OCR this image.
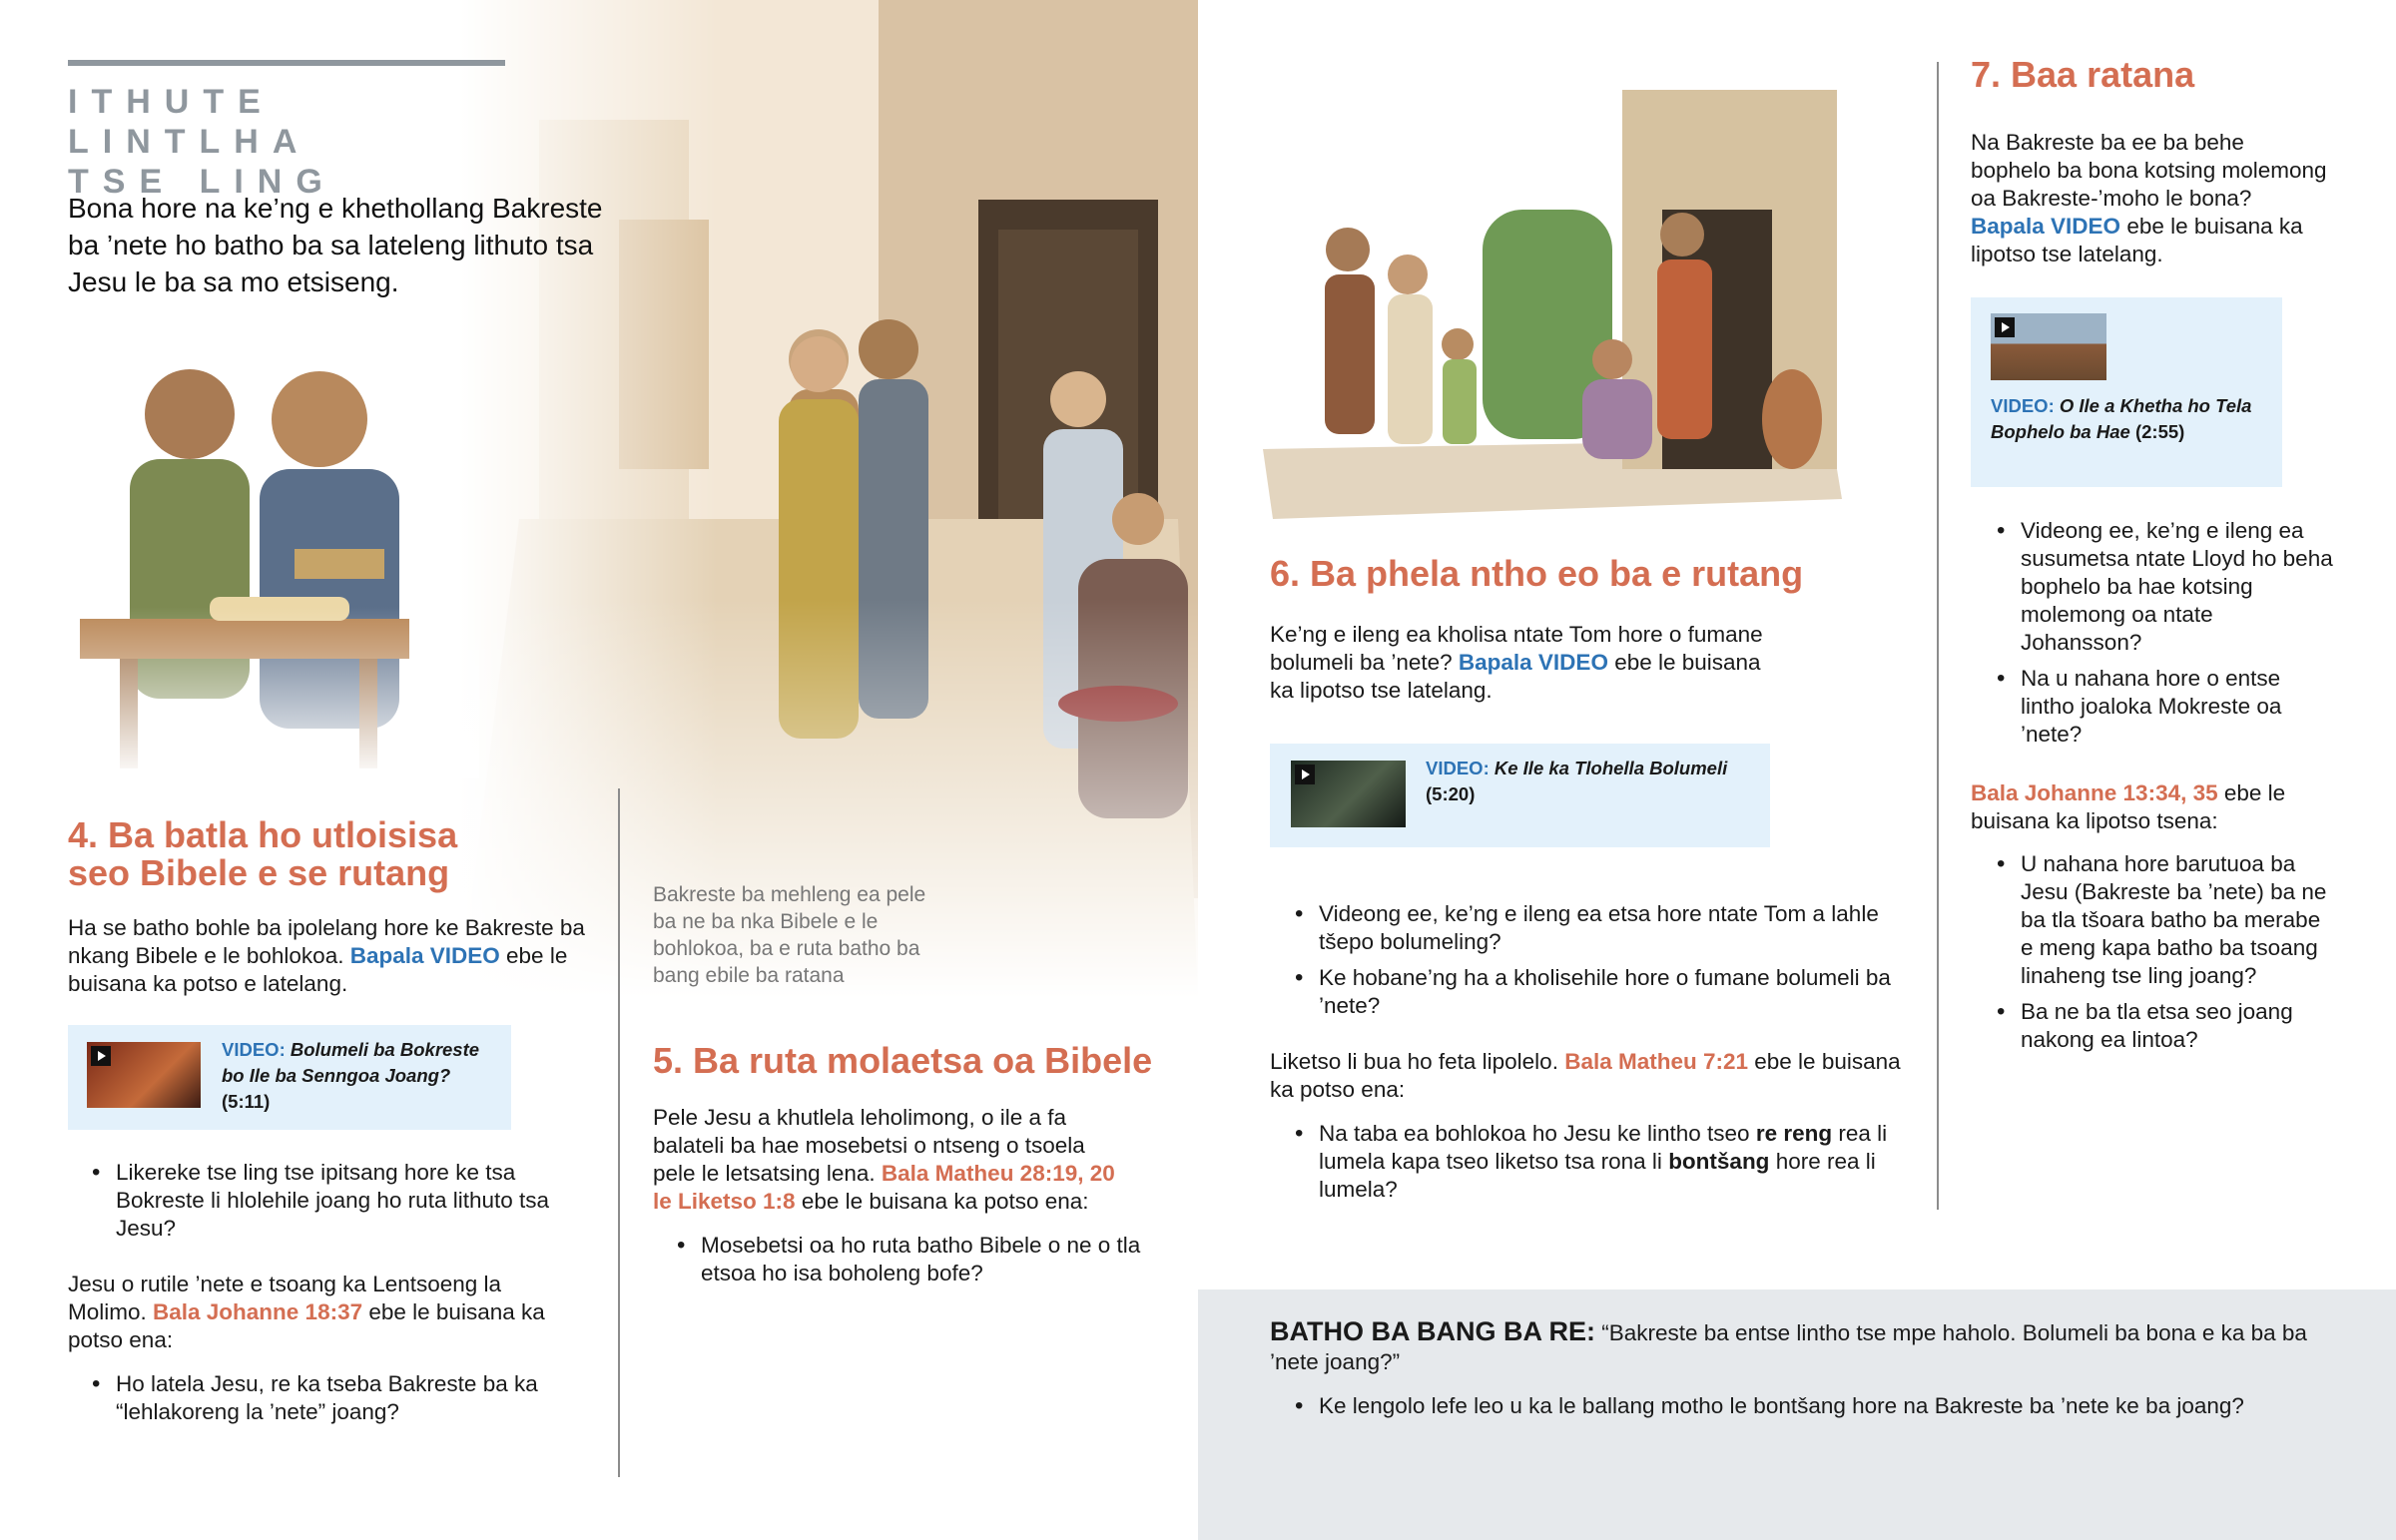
ITHUTE LINTLHA
TSE LING

Bona hore na ke’ng e khethollang Bakreste ba ’nete ho batho ba sa lateleng lithuto tsa Jesu le ba sa mo etsiseng.

4. Ba batla ho utloisisa seo Bibele e se rutang

Ha se batho bohle ba ipolelang hore ke Bakreste ba nkang Bibele e le bohlokoa. Bapala VIDEO ebe le buisana ka potso e latelang.

VIDEO: Bolumeli ba Bokreste bo Ile ba Senngoa Joang? (5:11)
• Likereke tse ling tse ipitsang hore ke tsa Bokreste li hlolehile joang ho ruta lithuto tsa Jesu?

Jesu o rutile ’nete e tsoang ka Lentsoeng la Molimo. Bala Johanne 18:37 ebe le buisana ka potso ena:

• Ho latela Jesu, re ka tseba Bakreste ba ka “lehlakoreng la ’nete” joang?

Bakreste ba mehleng ea pele ba ne ba nka Bibele e le bohlokoa, ba e ruta batho ba bang ebile ba ratana

5. Ba ruta molaetsa oa Bibele

Pele Jesu a khutlela leholimong, o ile a fa balateli ba hae mosebetsi o ntseng o tsoela pele le letsatsing lena. Bala Matheu 28:19, 20 le Liketso 1:8 ebe le buisana ka potso ena:

• Mosebetsi oa ho ruta batho Bibele o ne o tla etsoa ho isa boholeng bofe?
6. Ba phela ntho eo ba e rutang

Ke’ng e ileng ea kholisa ntate Tom hore o fumane bolumeli ba ’nete? Bapala VIDEO ebe le buisana ka lipotso tse latelang.

VIDEO: Ke Ile ka Tlohella Bolumeli
(5:20)
• Videong ee, ke’ng e ileng ea etsa hore ntate Tom a lahle tšepo bolumeling?
• Ke hobane’ng ha a kholisehile hore o fumane bolumeli ba ’nete?

Liketso li bua ho feta lipolelo. Bala Matheu 7:21 ebe le buisana ka potso ena:

• Na taba ea bohlokoa ho Jesu ke lintho tseo re reng rea li lumela kapa tseo liketso tsa rona li bontšang hore rea li lumela?
7. Baa ratana

Na Bakreste ba ee ba behe bophelo ba bona kotsing molemong oa Bakreste-’moho le bona? Bapala VIDEO ebe le buisana ka lipotso tse latelang.

VIDEO: O Ile a Khetha ho Tela Bophelo ba Hae (2:55)
• Videong ee, ke’ng e ileng ea susumetsa ntate Lloyd ho beha bophelo ba hae kotsing molemong oa ntate Johansson?
• Na u nahana hore o entse lintho joaloka Mokreste oa ’nete?

Bala Johanne 13:34, 35 ebe le buisana ka lipotso tsena:

• U nahana hore barutuoa ba Jesu (Bakreste ba ’nete) ba ne ba tla tšoara batho ba merabe e meng kapa batho ba tsoang linaheng tse ling joang?
• Ba ne ba tla etsa seo joang nakong ea lintoa?

BATHO BA BANG BA RE: “Bakreste ba entse lintho tse mpe haholo. Bolumeli ba bona e ka ba ba ’nete joang?”

• Ke lengolo lefe leo u ka le ballang motho le bontšang hore na Bakreste ba ’nete ke ba joang?
